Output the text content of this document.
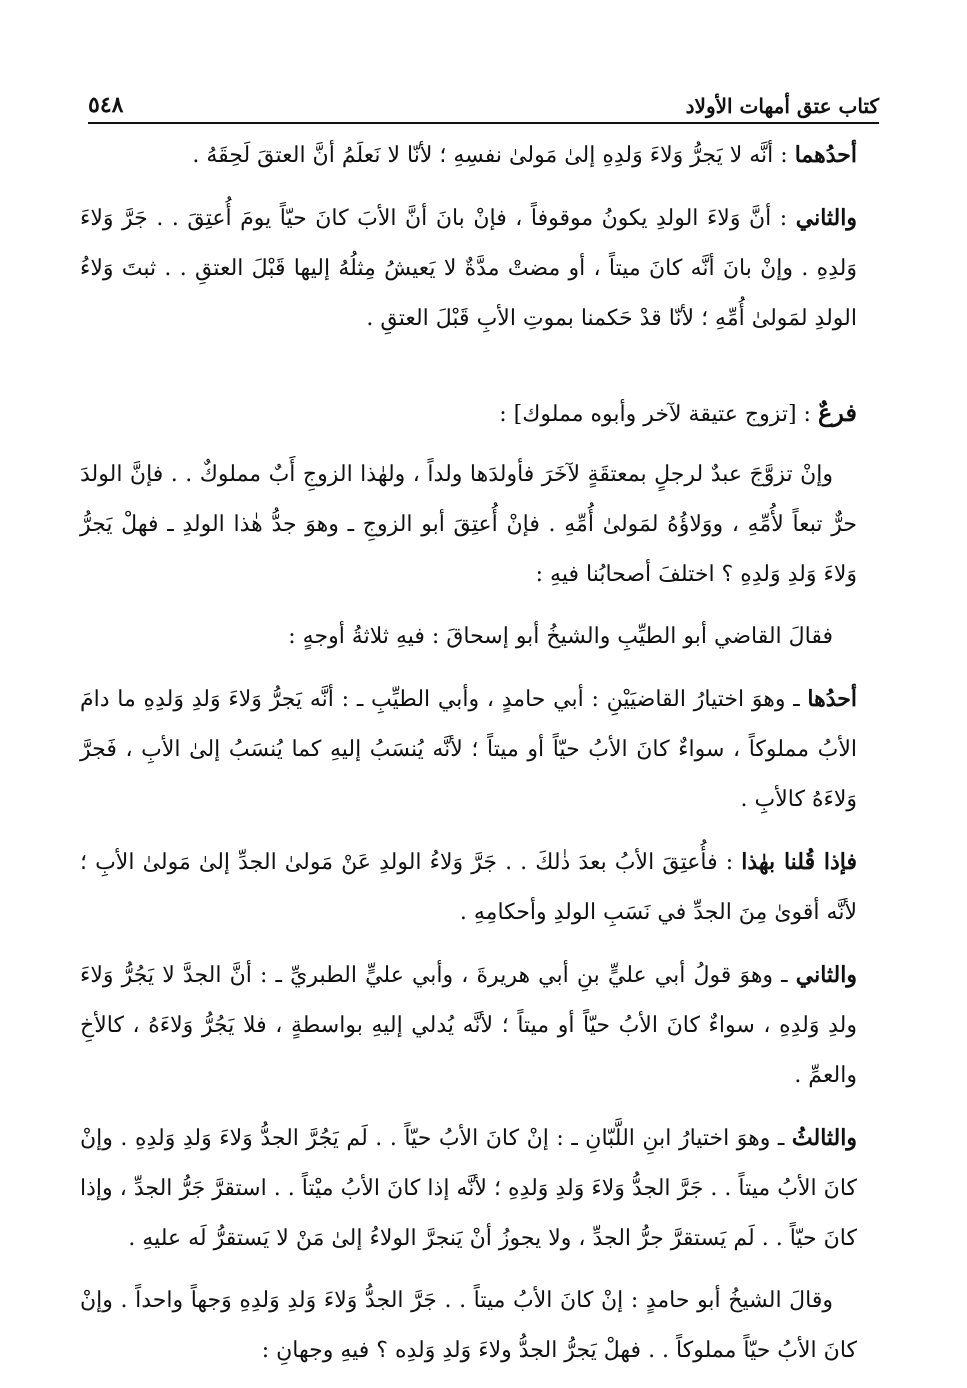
كتاب عتق أمهات الأولاد
٥٤٨

أحدُهما : أنَّه لا يَجرُّ وَلاءَ وَلدِهِ إلىٰ مَولىٰ نفسِهِ ؛ لأنّا لا نَعلَمُ أنَّ العتقَ لَحِقَهُ .

والثاني : أنَّ وَلاءَ الولدِ يكونُ موقوفاً ، فإنْ بانَ أنَّ الأبَ كانَ حيّاً يومَ أُعتِقَ . . جَرَّ وَلاءَ وَلدِهِ . وإنْ بانَ أنَّه كانَ ميتاً ، أو مضتْ مدَّةٌ لا يَعيشُ مِثلُهُ إليها قَبْلَ العتقِ . . ثبتَ وَلاءُ الولدِ لمَولىٰ أُمِّهِ ؛ لأنّا قدْ حَكمنا بموتِ الأبِ قَبْلَ العتقِ .

فرعٌ : [تزوج عتيقة لآخر وأبوه مملوك] :

وإنْ تزوَّجَ عبدٌ لرجلٍ بمعتقَةٍ لآخَرَ فأولدَها ولداً ، ولهٰذا الزوجِ أَبٌ مملوكٌ . . فإنَّ الولدَ حرٌّ تبعاً لأُمِّهِ ، ووَلاؤُهُ لمَولىٰ أُمِّهِ . فإنْ أُعتِقَ أبو الزوجِ ـ وهوَ جدُّ هٰذا الولدِ ـ فهلْ يَجرُّ وَلاءَ وَلدِ وَلدِهِ ؟ اختلفَ أصحابُنا فيهِ :

فقالَ القاضي أبو الطيِّبِ والشيخُ أبو إسحاقَ : فيهِ ثلاثةُ أوجهٍ :

أحدُها ـ وهوَ اختيارُ القاضيَيْنِ : أبي حامدٍ ، وأبي الطيِّبِ ـ : أنَّه يَجرُّ وَلاءَ وَلدِ وَلدِهِ ما دامَ الأبُ مملوكاً ، سواءٌ كانَ الأبُ حيّاً أو ميتاً ؛ لأنَّه يُنسَبُ إليهِ كما يُنسَبُ إلىٰ الأبِ ، فَجرَّ وَلاءَهُ كالأبِ .

فإذا قُلنا بهٰذا : فأُعتِقَ الأبُ بعدَ ذٰلكَ . . جَرَّ وَلاءُ الولدِ عَنْ مَولىٰ الجدِّ إلىٰ مَولىٰ الأبِ ؛ لأنَّه أقوىٰ مِنَ الجدِّ في نَسَبِ الولدِ وأحكامِهِ .

والثاني ـ وهوَ قولُ أبي عليٍّ بنِ أبي هريرةَ ، وأبي عليٍّ الطبريِّ ـ : أنَّ الجدَّ لا يَجُرُّ وَلاءَ ولدِ وَلدِهِ ، سواءٌ كانَ الأبُ حيّاً أو ميتاً ؛ لأنَّه يُدلي إليهِ بواسطةٍ ، فلا يَجُرُّ وَلاءَهُ ، كالأخِ والعمِّ .

والثالثُ ـ وهوَ اختيارُ ابنِ اللَّبّانِ ـ : إنْ كانَ الأبُ حيّاً . . لَم يَجُرَّ الجدُّ وَلاءَ وَلدِ وَلدِهِ . وإنْ كانَ الأبُ ميتاً . . جَرَّ الجدُّ وَلاءَ وَلدِ وَلدِهِ ؛ لأنَّه إذا كانَ الأبُ ميْتاً . . استقرَّ جَرُّ الجدِّ ، وإذا كانَ حيّاً . . لَم يَستقرَّ جرُّ الجدِّ ، ولا يجوزُ أنْ يَنجرَّ الولاءُ إلىٰ مَنْ لا يَستقرُّ لَه عليهِ .

وقالَ الشيخُ أبو حامدٍ : إنْ كانَ الأبُ ميتاً . . جَرَّ الجدُّ وَلاءَ وَلدِ وَلدِهِ وَجهاً واحداً . وإنْ كانَ الأبُ حيّاً مملوكاً . . فهلْ يَجرُّ الجدُّ ولاءَ وَلدِ وَلدِه ؟ فيهِ وجهانِ :
